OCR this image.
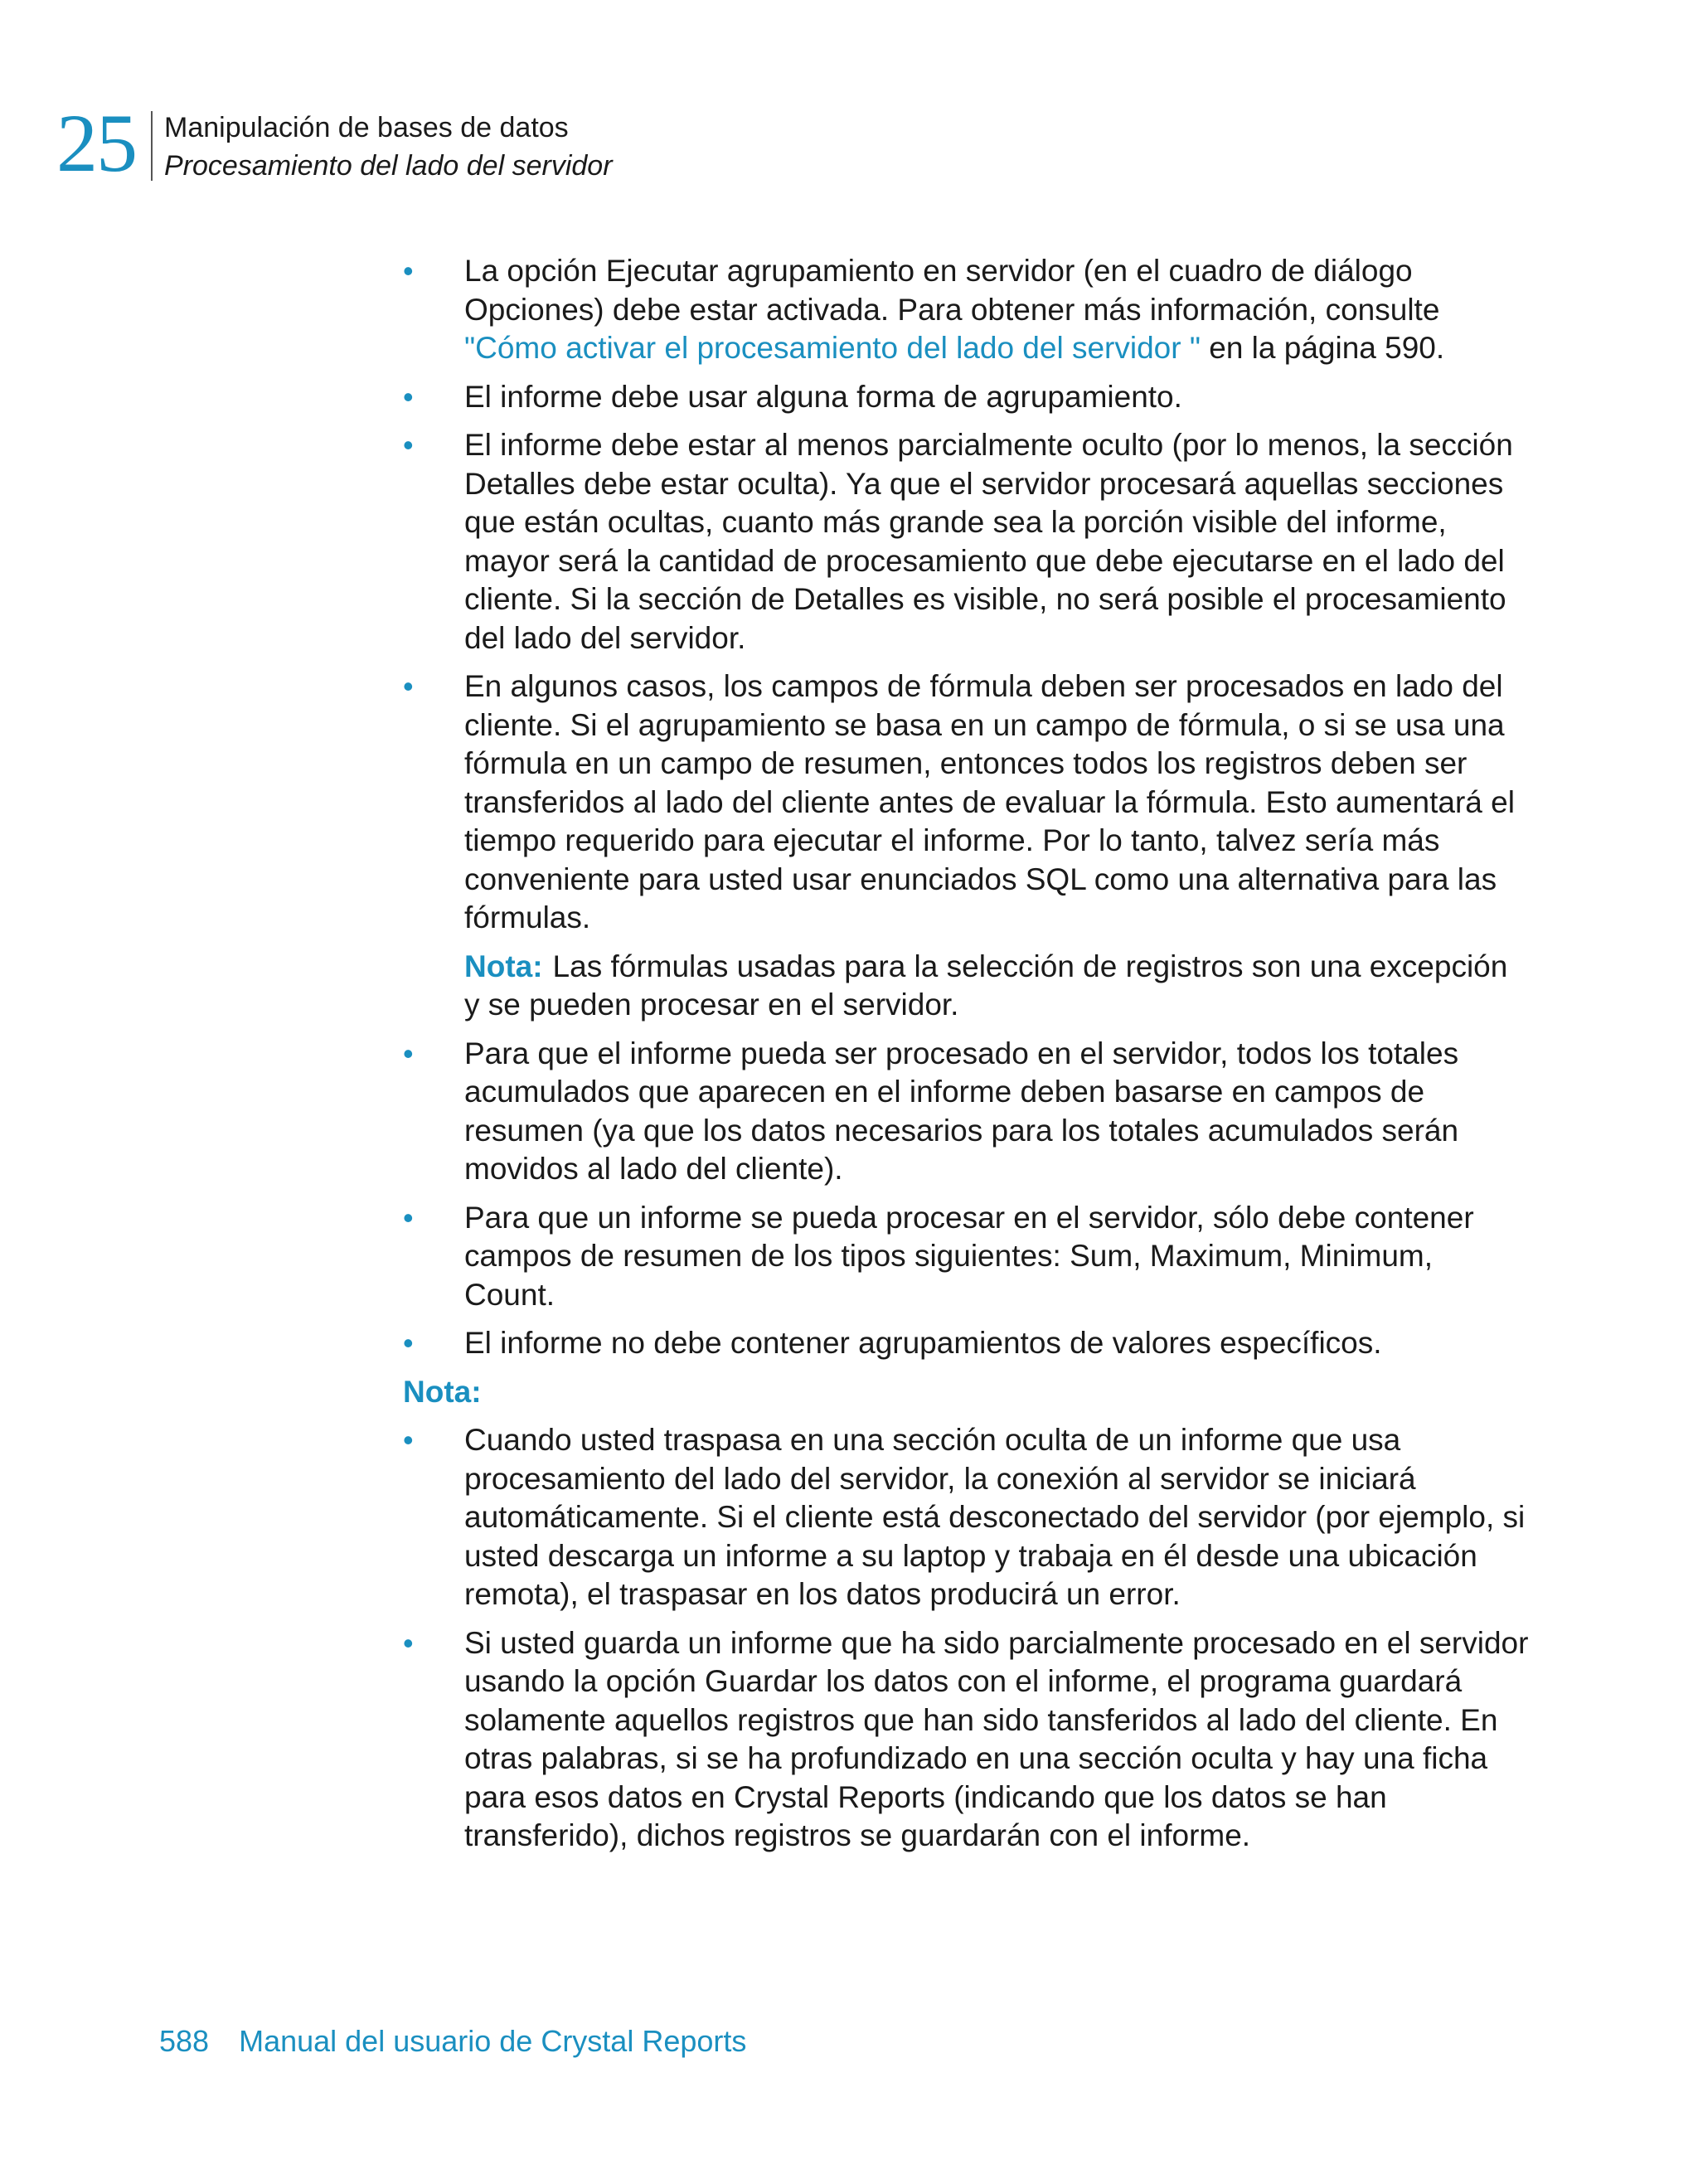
25 Manipulación de bases de datos
Procesamiento del lado del servidor
•	La opción Ejecutar agrupamiento en servidor (en el cuadro de diálogo Opciones) debe estar activada. Para obtener más información, consulte "Cómo activar el procesamiento del lado del servidor " en la página 590.
•	El informe debe usar alguna forma de agrupamiento.
•	El informe debe estar al menos parcialmente oculto (por lo menos, la sección Detalles debe estar oculta). Ya que el servidor procesará aquellas secciones que están ocultas, cuanto más grande sea la porción visible del informe, mayor será la cantidad de procesamiento que debe ejecutarse en el lado del cliente. Si la sección de Detalles es visible, no será posible el procesamiento del lado del servidor.
•	En algunos casos, los campos de fórmula deben ser procesados en lado del cliente. Si el agrupamiento se basa en un campo de fórmula, o si se usa una fórmula en un campo de resumen, entonces todos los registros deben ser transferidos al lado del cliente antes de evaluar la fórmula. Esto aumentará el tiempo requerido para ejecutar el informe. Por lo tanto, talvez sería más conveniente para usted usar enunciados SQL como una alternativa para las fórmulas.
Nota: Las fórmulas usadas para la selección de registros son una excepción y se pueden procesar en el servidor.
•	Para que el informe pueda ser procesado en el servidor, todos los totales acumulados que aparecen en el informe deben basarse en campos de resumen (ya que los datos necesarios para los totales acumulados serán movidos al lado del cliente).
•	Para que un informe se pueda procesar en el servidor, sólo debe contener campos de resumen de los tipos siguientes: Sum, Maximum, Minimum, Count.
•	El informe no debe contener agrupamientos de valores específicos.
Nota:
•	Cuando usted traspasa en una sección oculta de un informe que usa procesamiento del lado del servidor, la conexión al servidor se iniciará automáticamente. Si el cliente está desconectado del servidor (por ejemplo, si usted descarga un informe a su laptop y trabaja en él desde una ubicación remota), el traspasar en los datos producirá un error.
•	Si usted guarda un informe que ha sido parcialmente procesado en el servidor usando la opción Guardar los datos con el informe, el programa guardará solamente aquellos registros que han sido tansferidos al lado del cliente. En otras palabras, si se ha profundizado en una sección oculta y hay una ficha para esos datos en Crystal Reports (indicando que los datos se han transferido), dichos registros se guardarán con el informe.
588 Manual del usuario de Crystal Reports
